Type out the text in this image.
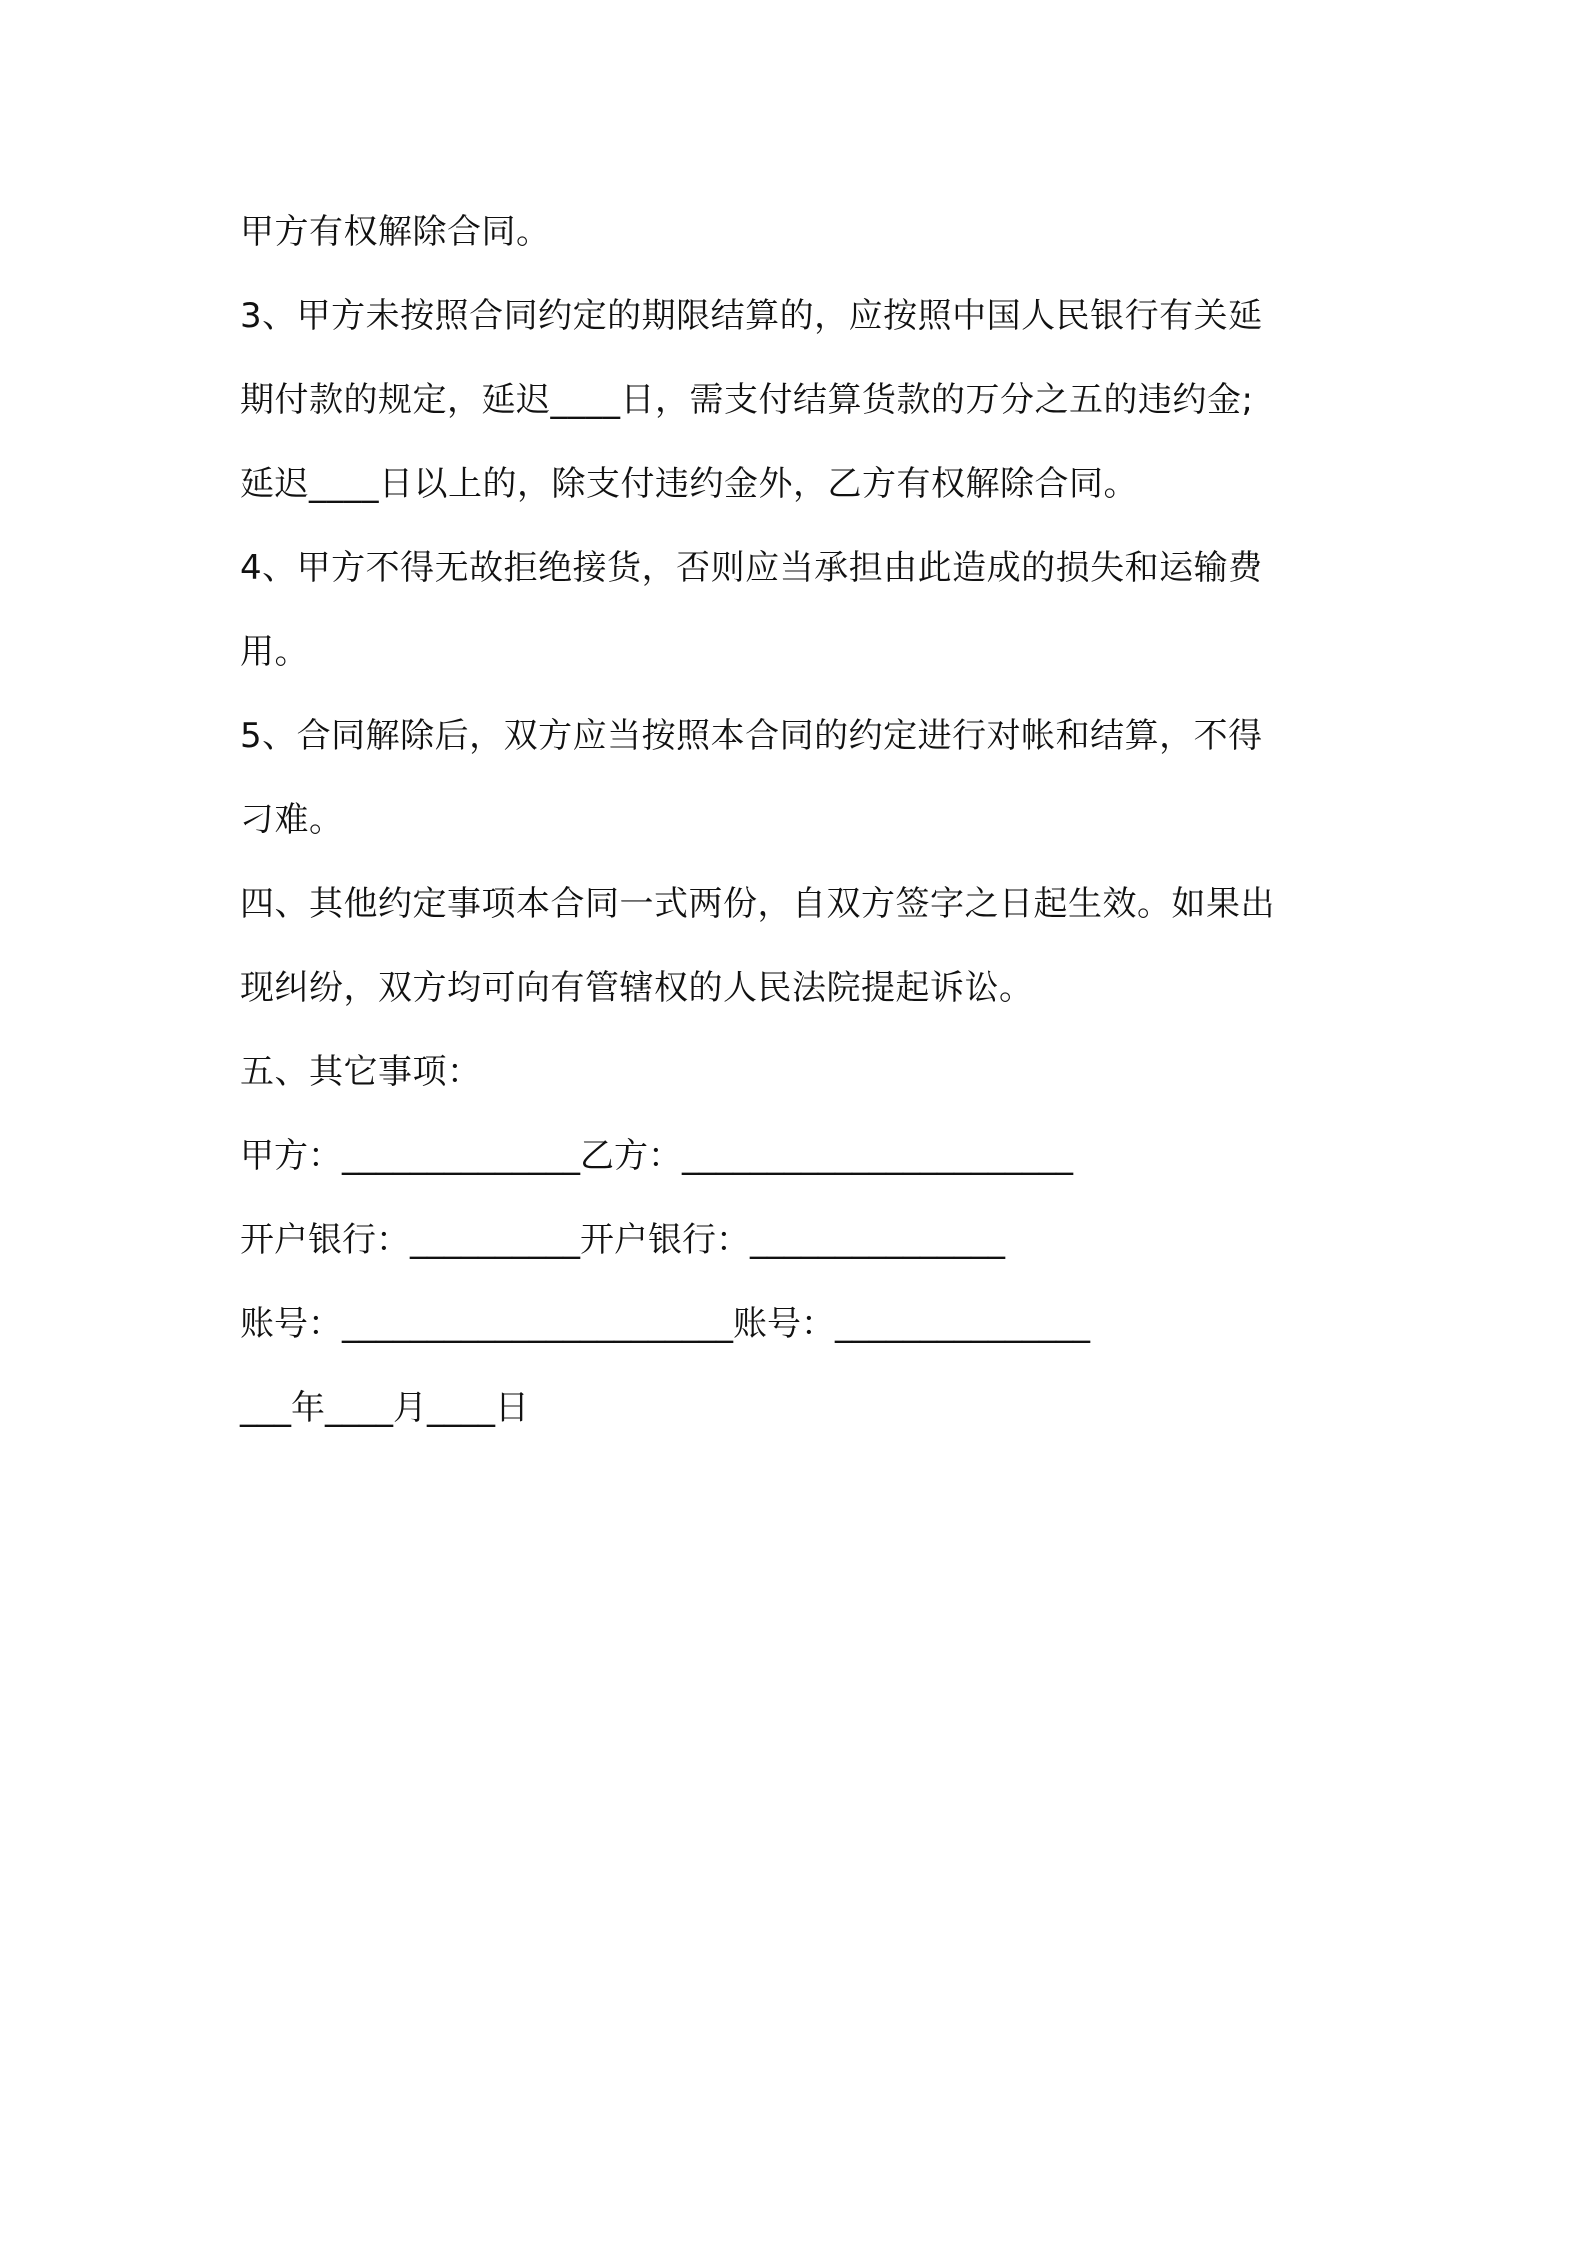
甲方有权解除合同。
3、甲方未按照合同约定的期限结算的，应按照中国人民银行有关延
期付款的规定，延迟____日，需支付结算货款的万分之五的违约金;
延迟____日以上的，除支付违约金外，乙方有权解除合同。
4、甲方不得无故拒绝接货，否则应当承担由此造成的损失和运输费
用。
5、合同解除后，双方应当按照本合同的约定进行对帐和结算，不得
刁难。
四、其他约定事项本合同一式两份，自双方签字之日起生效。如果出
现纠纷，双方均可向有管辖权的人民法院提起诉讼。
五、其它事项：
甲方：______________乙方：_______________________
开户银行：__________开户银行：_______________
账号：_______________________账号：_______________
___年____月____日
